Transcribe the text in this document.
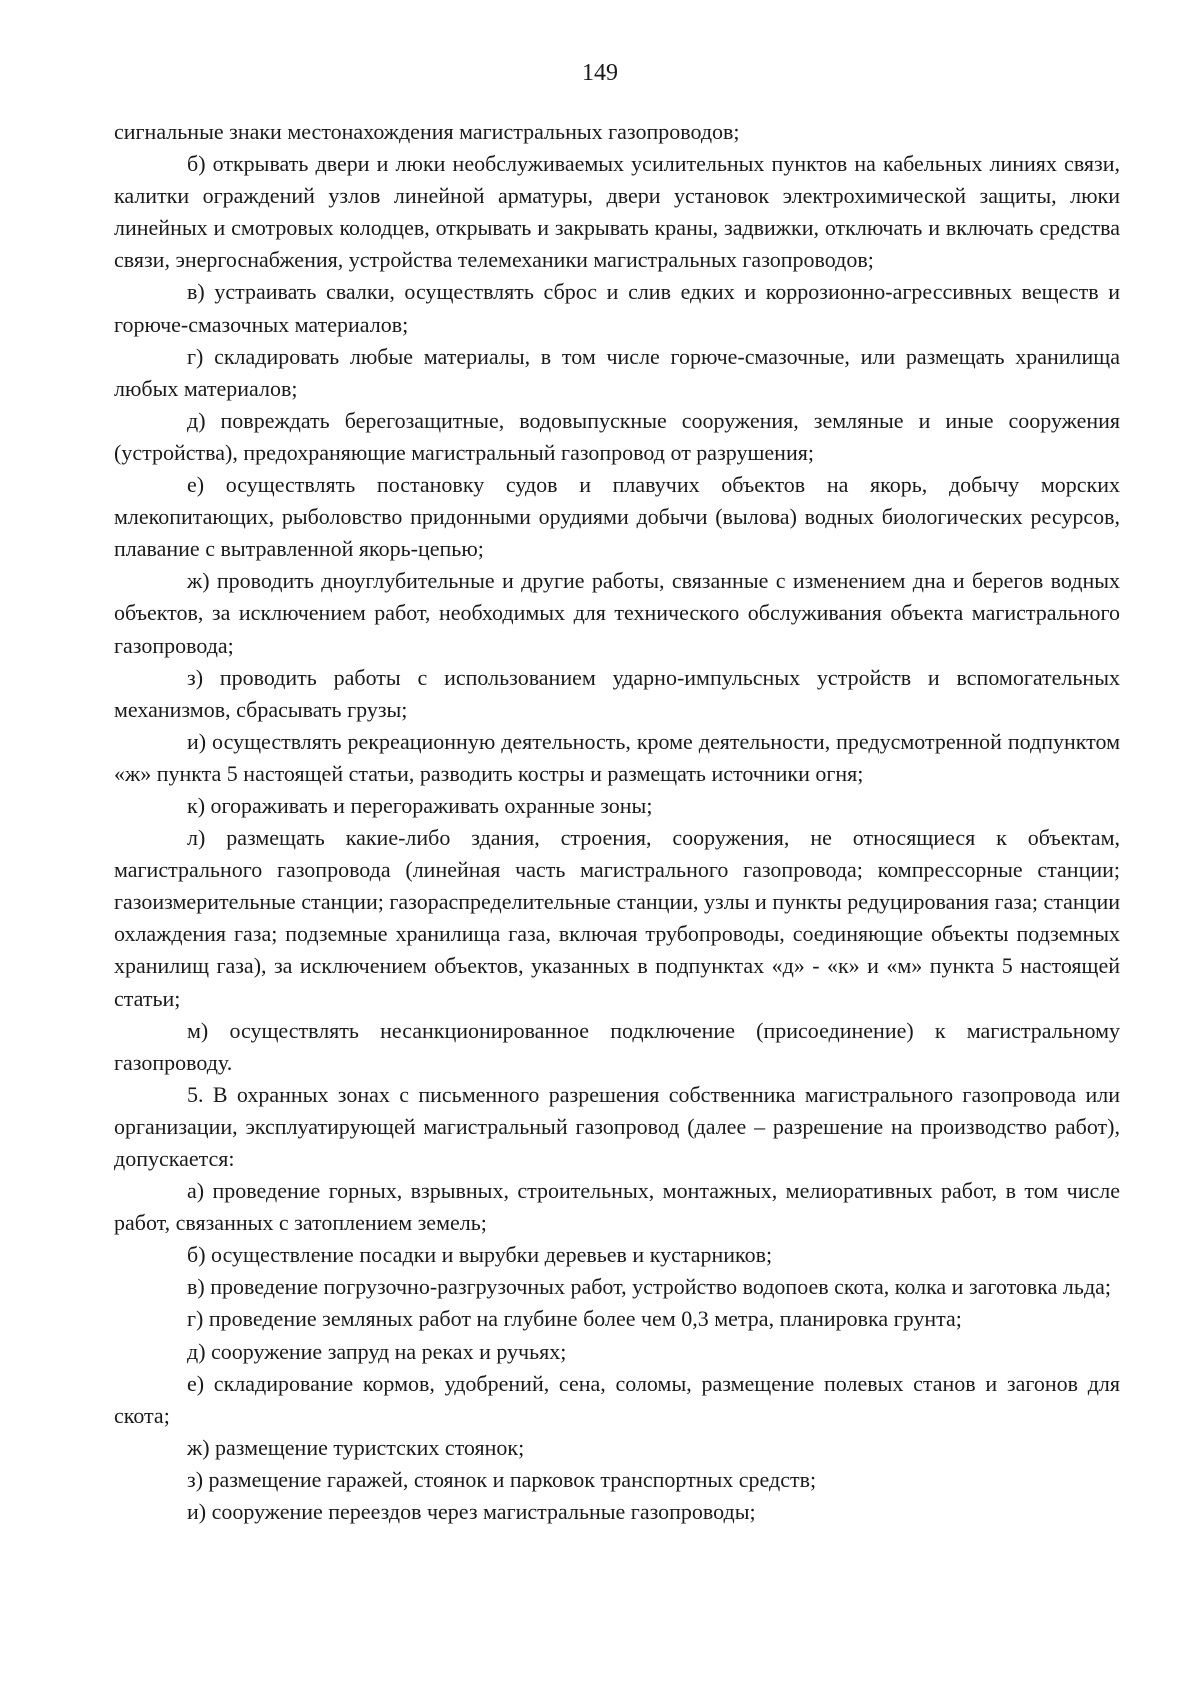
149

сигнальные знаки местонахождения магистральных газопроводов;

б) открывать двери и люки необслуживаемых усилительных пунктов на кабельных линиях связи, калитки ограждений узлов линейной арматуры, двери установок электрохимической защиты, люки линейных и смотровых колодцев, открывать и закрывать краны, задвижки, отключать и включать средства связи, энергоснабжения, устройства телемеханики магистральных газопроводов;

в) устраивать свалки, осуществлять сброс и слив едких и коррозионно-агрессивных веществ и горюче-смазочных материалов;

г) складировать любые материалы, в том числе горюче-смазочные, или размещать хранилища любых материалов;

д) повреждать берегозащитные, водовыпускные сооружения, земляные и иные сооружения (устройства), предохраняющие магистральный газопровод от разрушения;

е) осуществлять постановку судов и плавучих объектов на якорь, добычу морских млекопитающих, рыболовство придонными орудиями добычи (вылова) водных биологических ресурсов, плавание с вытравленной якорь-цепью;

ж) проводить дноуглубительные и другие работы, связанные с изменением дна и берегов водных объектов, за исключением работ, необходимых для технического обслуживания объекта магистрального газопровода;

з) проводить работы с использованием ударно-импульсных устройств и вспомогательных механизмов, сбрасывать грузы;

и) осуществлять рекреационную деятельность, кроме деятельности, предусмотренной подпунктом «ж» пункта 5 настоящей статьи, разводить костры и размещать источники огня;

к) огораживать и перегораживать охранные зоны;

л) размещать какие-либо здания, строения, сооружения, не относящиеся к объектам, магистрального газопровода (линейная часть магистрального газопровода; компрессорные станции; газоизмерительные станции; газораспределительные станции, узлы и пункты редуцирования газа; станции охлаждения газа; подземные хранилища газа, включая трубопроводы, соединяющие объекты подземных хранилищ газа), за исключением объектов, указанных в подпунктах «д» - «к» и «м» пункта 5 настоящей статьи;

м) осуществлять несанкционированное подключение (присоединение) к магистральному газопроводу.

5. В охранных зонах с письменного разрешения собственника магистрального газопровода или организации, эксплуатирующей магистральный газопровод (далее – разрешение на производство работ), допускается:

а) проведение горных, взрывных, строительных, монтажных, мелиоративных работ, в том числе работ, связанных с затоплением земель;

б) осуществление посадки и вырубки деревьев и кустарников;

в) проведение погрузочно-разгрузочных работ, устройство водопоев скота, колка и заготовка льда;

г) проведение земляных работ на глубине более чем 0,3 метра, планировка грунта;

д) сооружение запруд на реках и ручьях;

е) складирование кормов, удобрений, сена, соломы, размещение полевых станов и загонов для скота;

ж) размещение туристских стоянок;

з) размещение гаражей, стоянок и парковок транспортных средств;

и) сооружение переездов через магистральные газопроводы;
